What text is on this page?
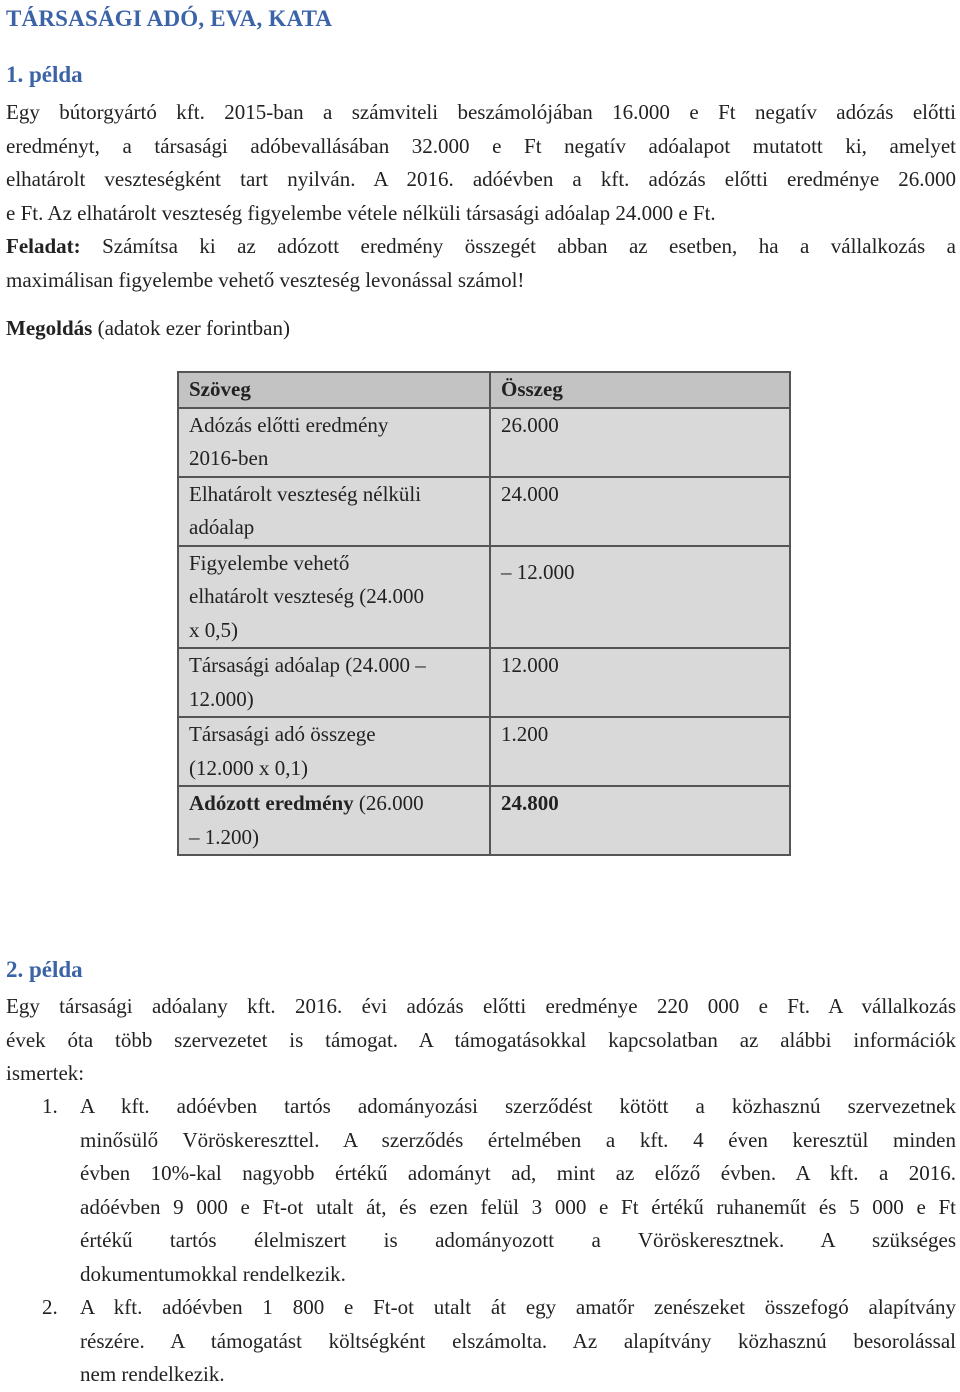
TÁRSASÁGI ADÓ, EVA, KATA
1. példa
Egy bútorgyártó kft. 2015-ban a számviteli beszámolójában 16.000 e Ft negatív adózás előtti
eredményt, a társasági adóbevallásában 32.000 e Ft negatív adóalapot mutatott ki, amelyet
elhatárolt veszteségként tart nyilván. A 2016. adóévben a kft. adózás előtti eredménye 26.000
e Ft. Az elhatárolt veszteség figyelembe vétele nélküli társasági adóalap 24.000 e Ft.
Feladat: Számítsa ki az adózott eredmény összegét abban az esetben, ha a vállalkozás a
maximálisan figyelembe vehető veszteség levonással számol!
Megoldás (adatok ezer forintban)
Szöveg	Összeg

Adózás előtti eredmény
2016-ben	26.000

Elhatárolt veszteség nélküli
adóalap	24.000

Figyelembe vehető
elhatárolt veszteség (24.000
x 0,5)	– 12.000

Társasági adóalap (24.000 –
12.000)	12.000

Társasági adó összege
(12.000 x 0,1)	1.200

Adózott eredmény (26.000
– 1.200)	24.800
2. példa
Egy társasági adóalany kft. 2016. évi adózás előtti eredménye 220 000 e Ft. A vállalkozás
évek óta több szervezetet is támogat. A támogatásokkal kapcsolatban az alábbi információk
ismertek:
1. A kft. adóévben tartós adományozási szerződést kötött a közhasznú szervezetnek
minősülő Vöröskereszttel. A szerződés értelmében a kft. 4 éven keresztül minden
évben 10%-kal nagyobb értékű adományt ad, mint az előző évben. A kft. a 2016.
adóévben 9 000 e Ft-ot utalt át, és ezen felül 3 000 e Ft értékű ruhaneműt és 5 000 e Ft
értékű tartós élelmiszert is adományozott a Vöröskeresztnek. A szükséges
dokumentumokkal rendelkezik.
2. A kft. adóévben 1 800 e Ft-ot utalt át egy amatőr zenészeket összefogó alapítvány
részére. A támogatást költségként elszámolta. Az alapítvány közhasznú besorolással
nem rendelkezik.
